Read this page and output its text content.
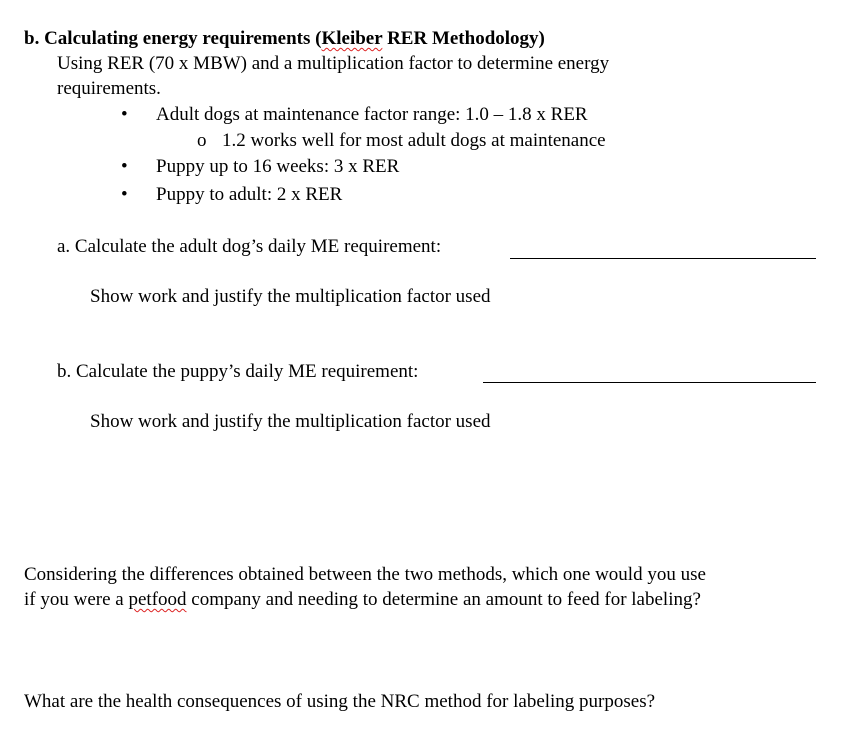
b. Calculating energy requirements (Kleiber RER Methodology)
Using RER (70 x MBW) and a multiplication factor to determine energy
requirements.
• Adult dogs at maintenance factor range: 1.0 – 1.8 x RER
o 1.2 works well for most adult dogs at maintenance
• Puppy up to 16 weeks: 3 x RER
• Puppy to adult: 2 x RER
a. Calculate the adult dog’s daily ME requirement:
Show work and justify the multiplication factor used
b. Calculate the puppy’s daily ME requirement:
Show work and justify the multiplication factor used
Considering the differences obtained between the two methods, which one would you use
if you were a petfood company and needing to determine an amount to feed for labeling?
What are the health consequences of using the NRC method for labeling purposes?
